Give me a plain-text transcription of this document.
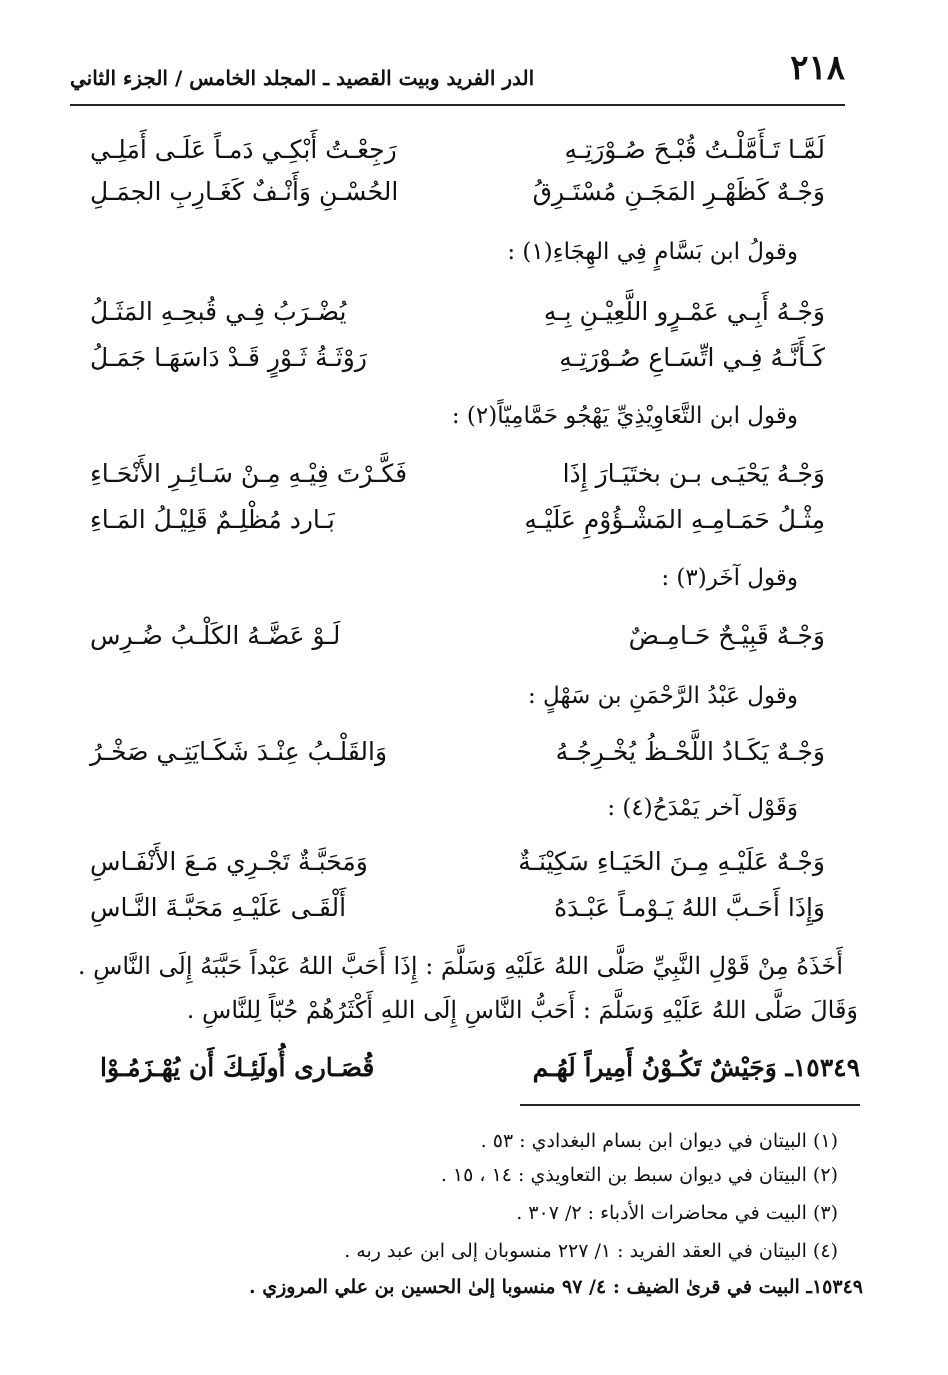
٢١٨
الدر الفريد وبيت القصيد ـ المجلد الخامس / الجزء الثاني
لَمَّـا تَـأَمَّلْـتُ قُبْـحَ صُـوْرَتِـهِ
رَجِعْـتُ أَبْكِـي دَمـاً عَلَـى أَمَلِـي
وَجْـهٌ كَظَهْـرِ المَجَـنِ مُسْتَـرِقُ
الحُسْـنِ وَأَنْـفٌ كَغَـارِبِ الجمَـلِ
وقولُ ابن بَسَّامٍ فِي الهِجَاءِ(١) :
وَجْـهُ أَبِـي عَمْـرٍو اللَّعِيْـنِ بِـهِ
يُضْـرَبُ فِـي قُبحِـهِ المَثَـلُ
كَـأَنَّـهُ فِـي اتِّسَـاعِ صُـوْرَتِـهِ
رَوْثَـةُ ثَـوْرٍ قَـدْ دَاسَهَـا جَمَـلُ
وقول ابن التَّعَاوِيْذِيِّ يَهْجُو حَمَّامِيّاً(٢) :
وَجْـهُ يَحْيَـى بـن بختَيَـارَ إِذَا
فَكَّـرْتَ فِيْـهِ مِـنْ سَـائِـرِ الأَنْحَـاءِ
مِثْـلُ حَمَـامِـهِ المَشْـؤُوْمِ عَلَيْـهِ
بَـارد مُظْلِـمٌ قَلِيْـلُ المَـاءِ
وقول آخَر(٣) :
وَجْـهٌ قَبِيْـحٌ حَـامِـضٌ
لَـوْ عَضَّـهُ الكَلْـبُ ضُـرِس
وقول عَبْدُ الرَّحْمَنِ بن سَهْلٍ :
وَجْـهٌ يَكَـادُ اللَّحْـظُ يُخْـرِجُـهُ
وَالقَلْـبُ عِنْـدَ شَكَـايَتِـي صَخْـرُ
وَقَوْل آخر يَمْدَحُ(٤) :
وَجْـهٌ عَلَيْـهِ مِـنَ الحَيَـاءِ سَكِيْنَـةٌ
وَمَحَبَّـةٌ تَجْـرِي مَـعَ الأَنْفَـاسِ
وَإِذَا أَحَـبَّ اللهُ يَـوْمـاً عَبْـدَهُ
أَلْقَـى عَلَيْـهِ مَحَبَّـةَ النَّـاسِ
أَخَذَهُ مِنْ قَوْلِ النَّبِيِّ صَلَّى اللهُ عَلَيْهِ وَسَلَّمَ : إِذَا أَحَبَّ اللهُ عَبْداً حَبَّبَهُ إِلَى النَّاسِ .
وَقَالَ صَلَّى اللهُ عَلَيْهِ وَسَلَّمَ : أَحَبُّ النَّاسِ إِلَى اللهِ أَكْثَرُهُمْ حُبّاً لِلنَّاسِ .
١٥٣٤٩ـ وَجَيْشٌ تَكُـوْنُ أَمِيراً لَهُـم
قُصَـارى أُولَئِـكَ أَن يُهْـزَمُـوْا
(١) البيتان في ديوان ابن بسام البغدادي : ٥٣ .
(٢) البيتان في ديوان سبط بن التعاويذي : ١٤ ، ١٥ .
(٣) البيت في محاضرات الأدباء : ٢/ ٣٠٧ .
(٤) البيتان في العقد الفريد : ١/ ٢٢٧ منسوبان إلى ابن عبد ربه .
١٥٣٤٩ـ البيت في قرىٰ الضيف : ٤/ ٩٧ منسوبا إلىٰ الحسين بن علي المروزي .
